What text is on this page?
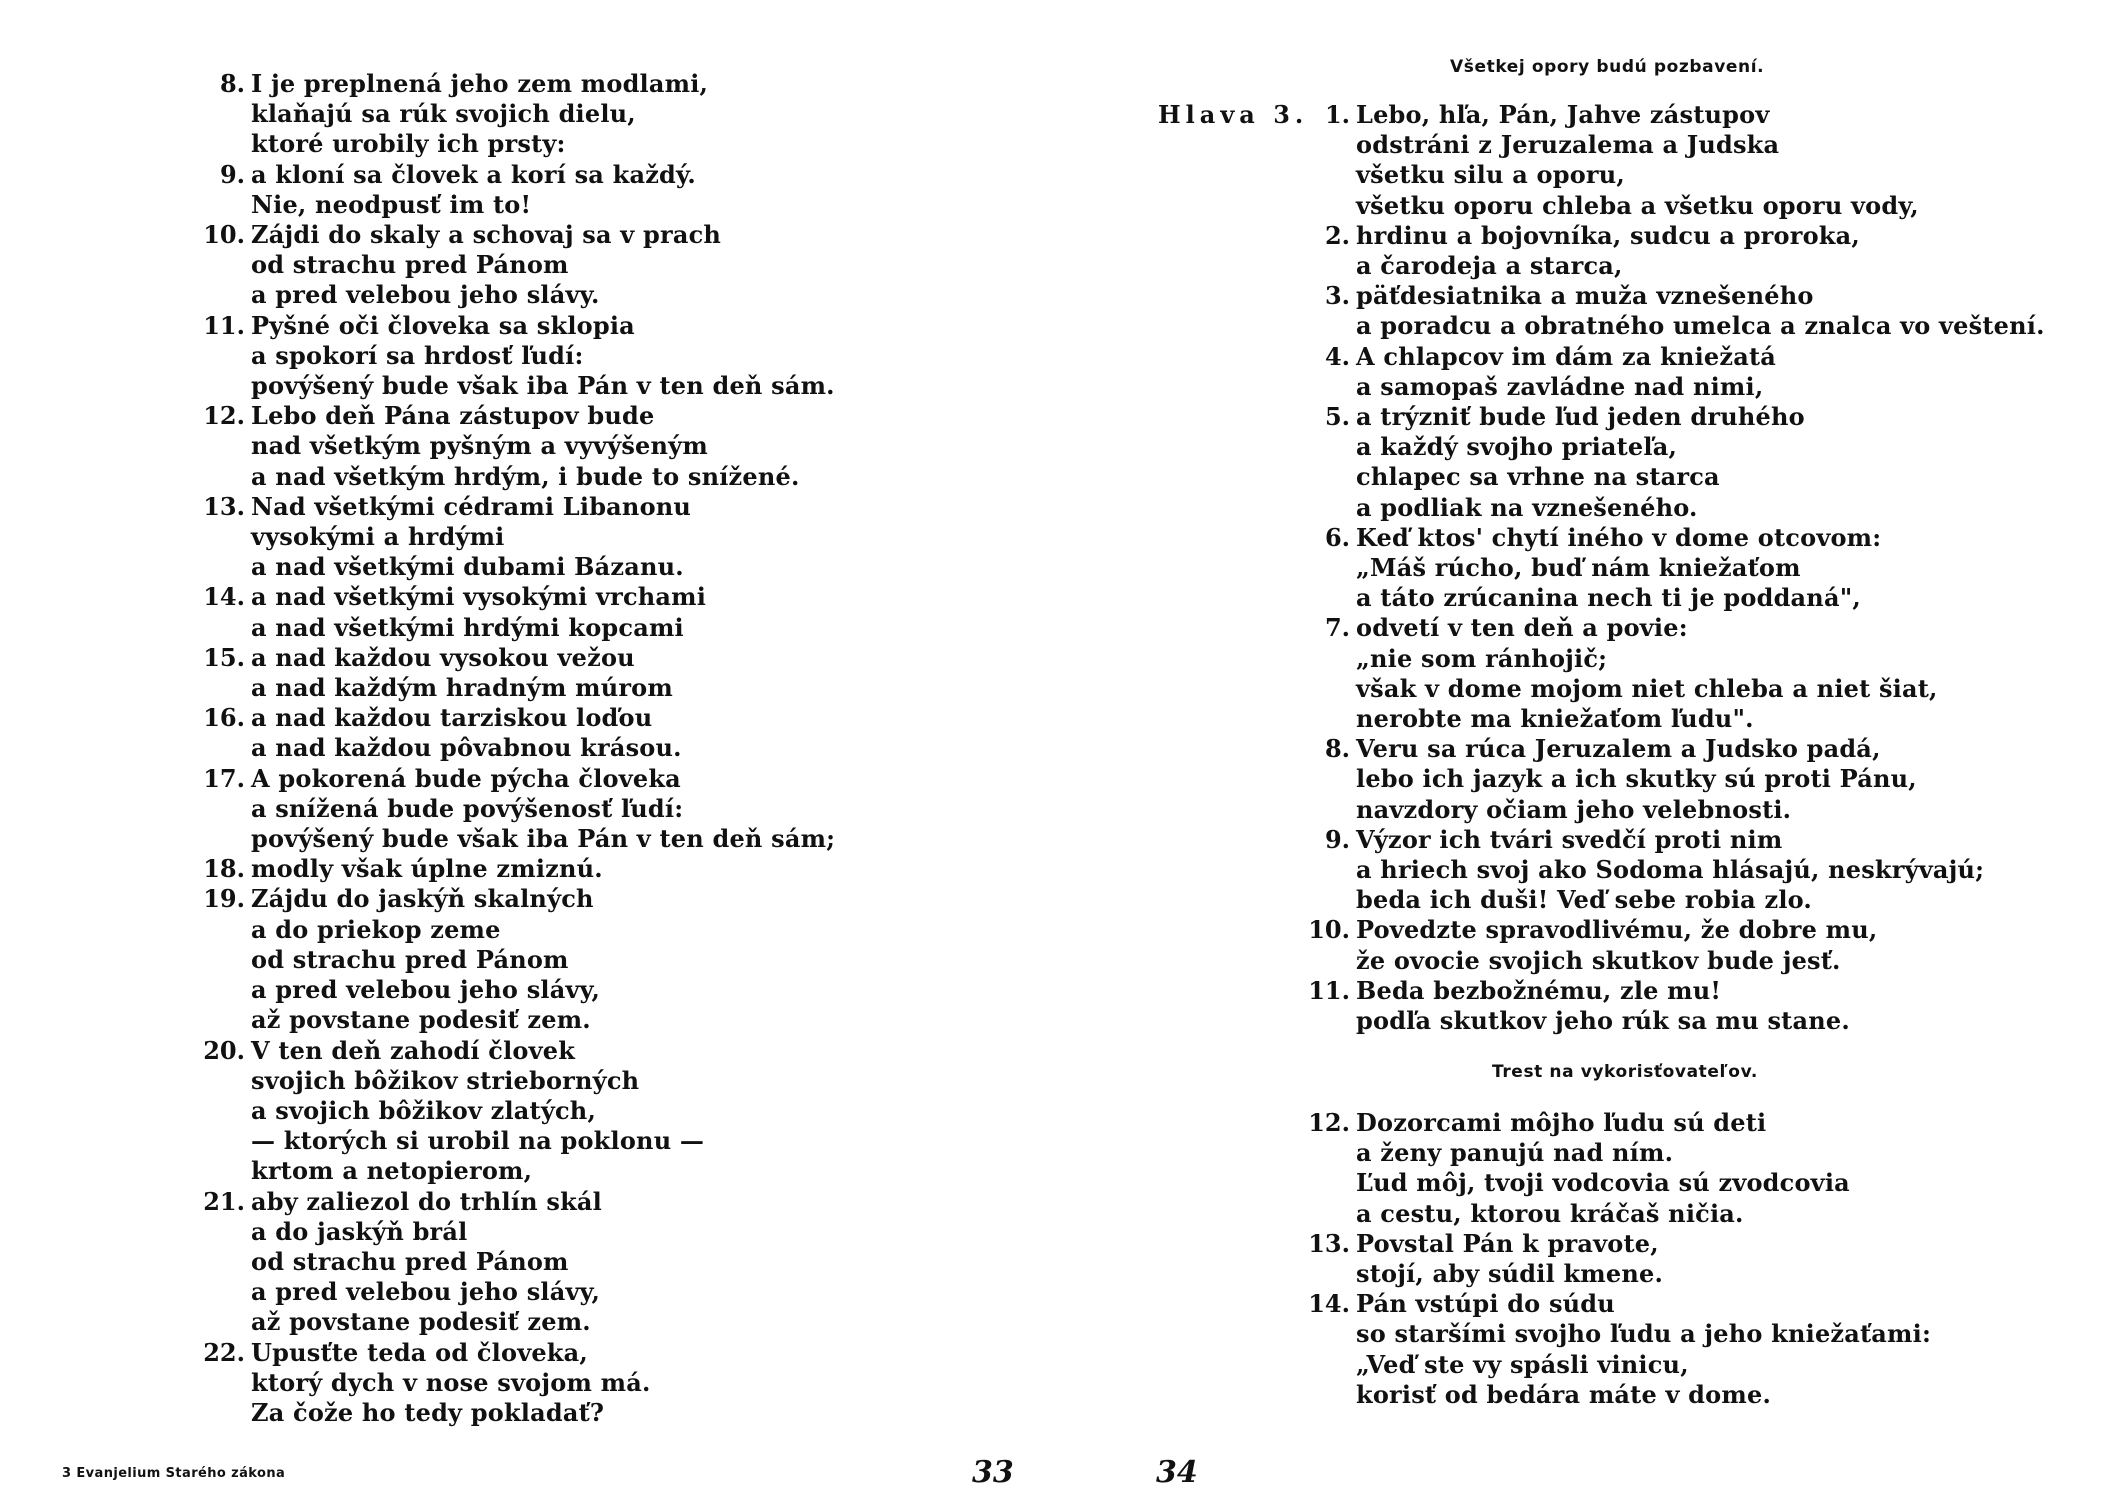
8. I je preplnená jeho zem modlami,
klaňajú sa rúk svojich dielu,
ktoré urobily ich prsty:
9. a kloní sa človek a korí sa každý.
Nie, neodpusť im to!
10. Zájdi do skaly a schovaj sa v prach
od strachu pred Pánom
a pred velebou jeho slávy.
11. Pyšné oči človeka sa sklopia
a spokorí sa hrdosť ľudí:
povýšený bude však iba Pán v ten deň sám.
12. Lebo deň Pána zástupov bude
nad všetkým pyšným a vyvýšeným
a nad všetkým hrdým, i bude to snížené.
13. Nad všetkými cédrami Libanonu
vysokými a hrdými
a nad všetkými dubami Bázanu.
14. a nad všetkými vysokými vrchami
a nad všetkými hrdými kopcami
15. a nad každou vysokou vežou
a nad každým hradným múrom
16. a nad každou tarziskou loďou
a nad každou pôvabnou krásou.
17. A pokorená bude pýcha človeka
a snížená bude povýšenosť ľudí:
povýšený bude však iba Pán v ten deň sám;
18. modly však úplne zmiznú.
19. Zájdu do jaskýň skalných
a do priekop zeme
od strachu pred Pánom
a pred velebou jeho slávy,
až povstane podesiť zem.
20. V ten deň zahodí človek
svojich bôžikov strieborných
a svojich bôžikov zlatých,
— ktorých si urobil na poklonu —
krtom a netopierom,
21. aby zaliezol do trhlín skál
a do jaskýň brál
od strachu pred Pánom
a pred velebou jeho slávy,
až povstane podesiť zem.
22. Upusťte teda od človeka,
ktorý dych v nose svojom má.
Za čože ho tedy pokladať?
3 Evanjelium Starého zákona	33
Všetkej opory budú pozbavení.
Hlava 3. 1. Lebo, hľa, Pán, Jahve zástupov
odstráni z Jeruzalema a Judska
všetku silu a oporu,
všetku oporu chleba a všetku oporu vody,
2. hrdinu a bojovníka, sudcu a proroka,
a čarodeja a starca,
3. päťdesiatnika a muža vznešeného
a poradcu a obratného umelca a znalca vo veštení.
4. A chlapcov im dám za kniežatá
a samopaš zavládne nad nimi,
5. a trýzniť bude ľud jeden druhého
a každý svojho priateľa,
chlapec sa vrhne na starca
a podliak na vznešeného.
6. Keď ktos' chytí iného v dome otcovom:
„Máš rúcho, buď nám kniežaťom
a táto zrúcanina nech ti je poddaná",
7. odvetí v ten deň a povie:
„nie som ránhojič;
však v dome mojom niet chleba a niet šiat,
nerobte ma kniežaťom ľudu".
8. Veru sa rúca Jeruzalem a Judsko padá,
lebo ich jazyk a ich skutky sú proti Pánu,
navzdory očiam jeho velebnosti.
9. Výzor ich tvári svedčí proti nim
a hriech svoj ako Sodoma hlásajú, neskrývajú;
beda ich duši! Veď sebe robia zlo.
10. Povedzte spravodlivému, že dobre mu,
že ovocie svojich skutkov bude jesť.
11. Beda bezbožnému, zle mu!
podľa skutkov jeho rúk sa mu stane.
Trest na vykorisťovateľov.
12. Dozorcami môjho ľudu sú deti
a ženy panujú nad ním.
Ľud môj, tvoji vodcovia sú zvodcovia
a cestu, ktorou kráčaš ničia.
13. Povstal Pán k pravote,
stojí, aby súdil kmene.
14. Pán vstúpi do súdu
so staršími svojho ľudu a jeho kniežaťami:
„Veď ste vy spásli vinicu,
korisť od bedára máte v dome.
34
